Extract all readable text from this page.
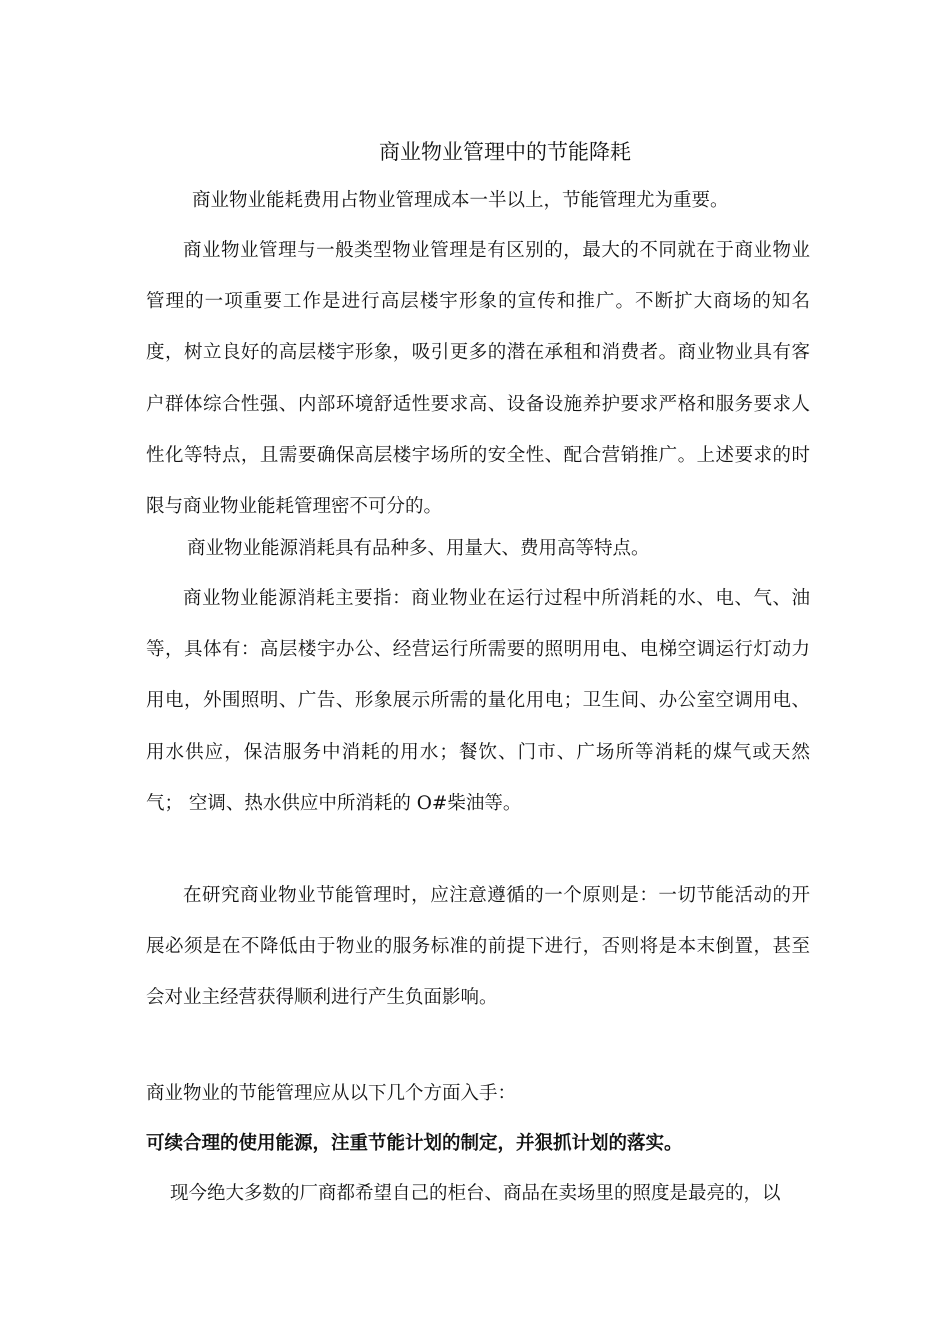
商业物业管理中的节能降耗
商业物业能耗费用占物业管理成本一半以上，节能管理尤为重要。
商业物业管理与一般类型物业管理是有区别的，最大的不同就在于商业物业管理的一项重要工作是进行高层楼宇形象的宣传和推广。不断扩大商场的知名度，树立良好的高层楼宇形象，吸引更多的潜在承租和消费者。商业物业具有客户群体综合性强、内部环境舒适性要求高、设备设施养护要求严格和服务要求人性化等特点，且需要确保高层楼宇场所的安全性、配合营销推广。上述要求的时限与商业物业能耗管理密不可分的。
商业物业能源消耗具有品种多、用量大、费用高等特点。
商业物业能源消耗主要指：商业物业在运行过程中所消耗的水、电、气、油等，具体有：高层楼宇办公、经营运行所需要的照明用电、电梯空调运行灯动力用电，外围照明、广告、形象展示所需的量化用电；卫生间、办公室空调用电、用水供应，保洁服务中消耗的用水；餐饮、门市、广场所等消耗的煤气或天然气； 空调、热水供应中所消耗的 O#柴油等。
在研究商业物业节能管理时，应注意遵循的一个原则是：一切节能活动的开展必须是在不降低由于物业的服务标准的前提下进行，否则将是本末倒置，甚至会对业主经营获得顺利进行产生负面影响。
商业物业的节能管理应从以下几个方面入手：
可续合理的使用能源，注重节能计划的制定，并狠抓计划的落实。
现今绝大多数的厂商都希望自己的柜台、商品在卖场里的照度是最亮的，以
